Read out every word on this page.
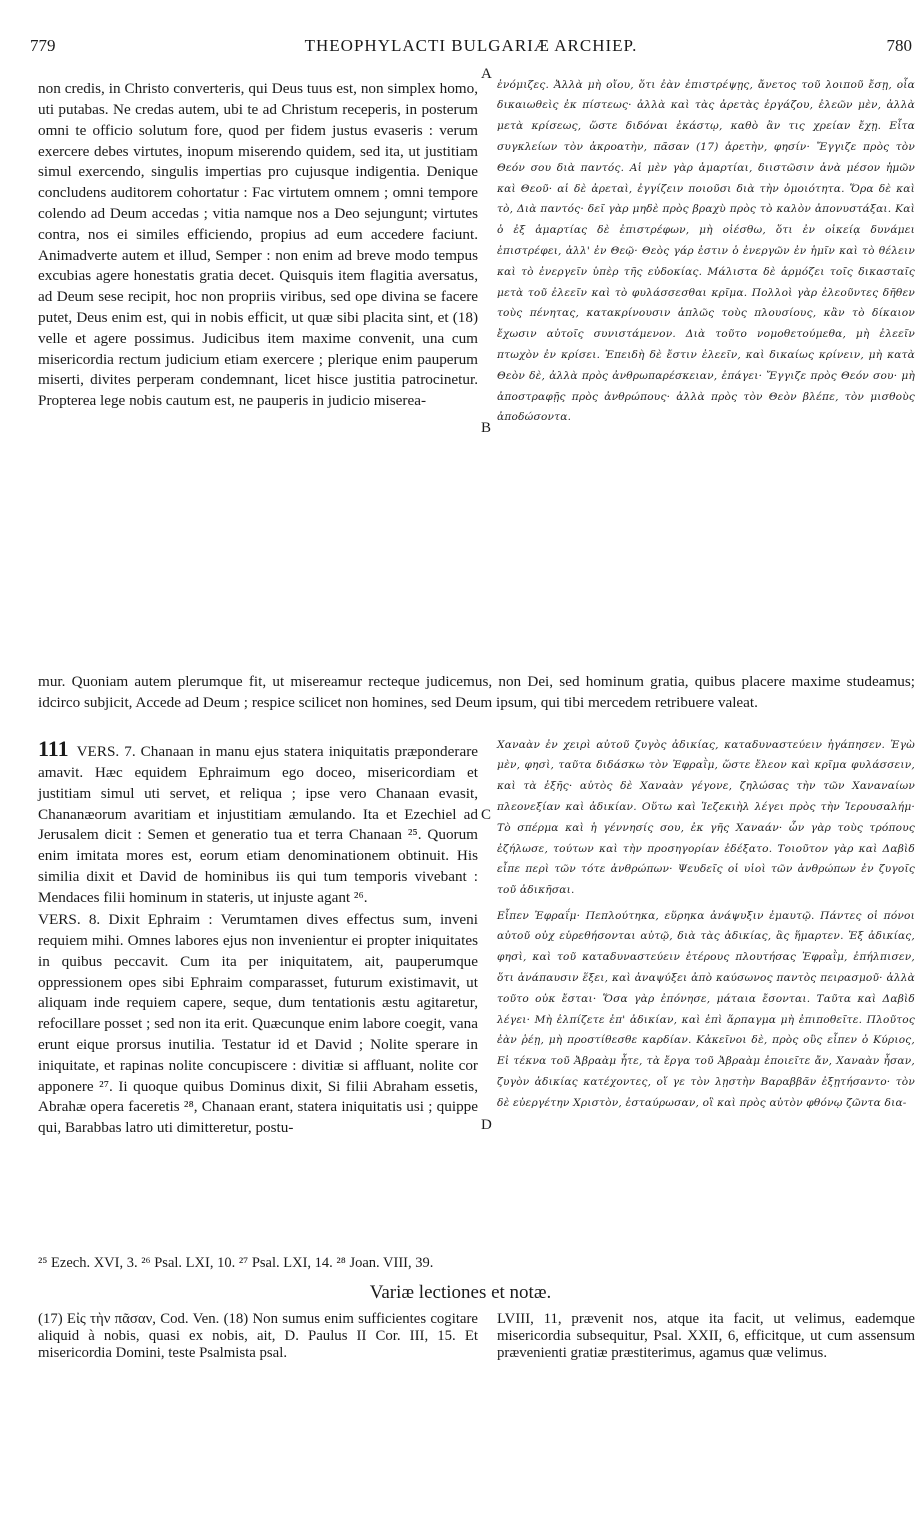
779	THEOPHYLACTI BULGARIÆ ARCHIEP.	780

non credis, in Christo converteris, qui Deus tuus est, non simplex homo, uti putabas. Ne credas autem, ubi te ad Christum receperis, in posterum omni te officio solutum fore, quod per fidem justus evaseris : verum exercere debes virtutes, inopum miserendo quidem, sed ita, ut justitiam simul exercendo, singulis impertias pro cujusque indigentia. Denique concludens auditorem cohortatur : Fac virtutem omnem ; omni tempore colendo ad Deum accedas ; vitia namque nos a Deo sejungunt; virtutes contra, nos ei similes efficiendo, propius ad eum accedere faciunt. Animadverte autem et illud, Semper : non enim ad breve modo tempus excubias agere honestatis gratia decet. Quisquis item flagitia aversatus, ad Deum sese recipit, hoc non propriis viribus, sed ope divina se facere putet, Deus enim est, qui in nobis efficit, ut quæ sibi placita sint, et (18) velle et agere possimus. Judicibus item maxime convenit, una cum misericordia rectum judicium etiam exercere ; plerique enim pauperum miserti, divites perperam condemnant, licet hisce justitia patrocinetur. Propterea lege nobis cautum est, ne pauperis in judicio miserea-

A

ἐνόμιζες. Ἀλλὰ μὴ οἴου, ὅτι ἐὰν ἐπιστρέψῃς, ἄνετος τοῦ λοιποῦ ἔσῃ, οἷα δικαιωθεὶς ἐκ πίστεως· ἀλλὰ καὶ τὰς ἀρετὰς ἐργάζου, ἐλεῶν μὲν, ἀλλὰ μετὰ κρίσεως, ὥστε διδόναι ἑκάστῳ, καθὸ ἂν τις χρείαν ἔχῃ. Εἶτα συγκλείων τὸν ἀκροατὴν, πᾶσαν (17) ἀρετὴν, φησίν· Ἔγγιζε πρὸς τὸν Θεόν σου διὰ παντός. Αἱ μὲν γὰρ ἁμαρτίαι, διιστῶσιν ἀνὰ μέσον ἡμῶν καὶ Θεοῦ· αἱ δὲ ἀρεταὶ, ἐγγίζειν ποιοῦσι διὰ τὴν ὁμοιότητα. Ὅρα δὲ καὶ τὸ, Διὰ παντός· δεῖ γὰρ μηδὲ πρὸς βραχὺ πρὸς τὸ καλὸν ἀπονυστάξαι. Καὶ ὁ ἐξ ἁμαρτίας δὲ ἐπιστρέφων, μὴ οἰέσθω, ὅτι ἐν οἰκείᾳ δυνάμει ἐπιστρέφει, ἀλλ' ἐν Θεῷ· Θεὸς γάρ ἐστιν ὁ ἐνεργῶν ἐν ἡμῖν καὶ τὸ θέλειν καὶ τὸ ἐνεργεῖν ὑπὲρ τῆς εὐδοκίας. Μάλιστα δὲ ἁρμόζει τοῖς δικασταῖς μετὰ τοῦ ἐλεεῖν καὶ τὸ φυλάσσεσθαι κρῖμα. Πολλοὶ γὰρ ἐλεοῦντες δῆθεν τοὺς πένητας, κατακρίνουσιν ἁπλῶς τοὺς πλουσίους, κἂν τὸ δίκαιον ἔχωσιν αὐτοῖς συνιστάμενον. Διὰ τοῦτο νομοθετούμεθα, μὴ ἐλεεῖν πτωχὸν ἐν κρίσει. Ἐπειδὴ δὲ ἔστιν ἐλεεῖν, καὶ δικαίως κρίνειν, μὴ κατὰ Θεὸν δὲ, ἀλλὰ πρὸς ἀνθρωπαρέσκειαν, ἐπάγει· Ἔγγιζε πρὸς Θεόν σου· μὴ ἀποστραφῇς πρὸς ἀνθρώπους· ἀλλὰ πρὸς τὸν Θεὸν βλέπε, τὸν μισθοὺς ἀποδώσοντα.

B

mur. Quoniam autem plerumque fit, ut misereamur recteque judicemus, non Dei, sed hominum gratia, quibus placere maxime studeamus; idcirco subjicit, Accede ad Deum ; respice scilicet non homines, sed Deum ipsum, qui tibi mercedem retribuere valeat.

111 VERS. 7. Chanaan in manu ejus statera iniquitatis præponderare amavit. Hæc equidem Ephraimum ego doceo, misericordiam et justitiam simul uti servet, et reliqua ; ipse vero Chanaan evasit, Chananæorum avaritiam et injustitiam æmulando. Ita et Ezechiel ad Jerusalem dicit : Semen et generatio tua et terra Chanaan ²⁵. Quorum enim imitata mores est, eorum etiam denominationem obtinuit. His similia dixit et David de hominibus iis qui tum temporis vivebant : Mendaces filii hominum in stateris, ut injuste agant ²⁶.

Χαναὰν ἐν χειρὶ αὐτοῦ ζυγὸς ἀδικίας, καταδυναστεύειν ἠγάπησεν. Ἐγὼ μὲν, φησὶ, ταῦτα διδάσκω τὸν Ἐφραῒμ, ὥστε ἔλεον καὶ κρῖμα φυλάσσειν, καὶ τὰ ἑξῆς· αὐτὸς δὲ Χαναὰν γέγονε, ζηλώσας τὴν τῶν Χαναναίων πλεονεξίαν καὶ ἀδικίαν. Οὕτω καὶ Ἰεζεκιὴλ λέγει πρὸς τὴν Ἱερουσαλήμ· Τὸ σπέρμα καὶ ἡ γέννησίς σου, ἐκ γῆς Χαναάν· ὧν γὰρ τοὺς τρόπους ἐζήλωσε, τούτων καὶ τὴν προσηγορίαν ἐδέξατο. Τοιοῦτον γὰρ καὶ Δαβὶδ εἶπε περὶ τῶν τότε ἀνθρώπων· Ψευδεῖς οἱ υἱοὶ τῶν ἀνθρώπων ἐν ζυγοῖς τοῦ ἀδικῆσαι.

C

VERS. 8. Dixit Ephraim : Verumtamen dives effectus sum, inveni requiem mihi. Omnes labores ejus non invenientur ei propter iniquitates in quibus peccavit. Cum ita per iniquitatem, ait, pauperumque oppressionem opes sibi Ephraim comparasset, futurum existimavit, ut aliquam inde requiem capere, seque, dum tentationis æstu agitaretur, refocillare posset ; sed non ita erit. Quæcunque enim labore coegit, vana erunt eique prorsus inutilia. Testatur id et David ; Nolite sperare in iniquitate, et rapinas nolite concupiscere : divitiæ si affluant, nolite cor apponere ²⁷. Ii quoque quibus Dominus dixit, Si filii Abraham essetis, Abrahæ opera faceretis ²⁸, Chanaan erant, statera iniquitatis usi ; quippe qui, Barabbas latro uti dimitteretur, postu-

Εἶπεν Ἐφραΐμ· Πεπλούτηκα, εὕρηκα ἀνάψυξιν ἐμαυτῷ. Πάντες οἱ πόνοι αὐτοῦ οὐχ εὑρεθήσονται αὐτῷ, διὰ τὰς ἀδικίας, ἃς ἥμαρτεν. Ἐξ ἀδικίας, φησὶ, καὶ τοῦ καταδυναστεύειν ἑτέρους πλουτήσας Ἐφραῒμ, ἐπήλπισεν, ὅτι ἀνάπαυσιν ἕξει, καὶ ἀναψύξει ἀπὸ καύσωνος παντὸς πειρασμοῦ· ἀλλὰ τοῦτο οὐκ ἔσται· Ὅσα γὰρ ἐπόνησε, μάταια ἔσονται. Ταῦτα καὶ Δαβὶδ λέγει· Μὴ ἐλπίζετε ἐπ' ἀδικίαν, καὶ ἐπὶ ἅρπαγμα μὴ ἐπιποθεῖτε. Πλοῦτος ἐὰν ῥέῃ, μὴ προστίθεσθε καρδίαν. Κἀκεῖνοι δὲ, πρὸς οὓς εἶπεν ὁ Κύριος, Εἰ τέκνα τοῦ Ἀβραὰμ ἦτε, τὰ ἔργα τοῦ Ἀβραὰμ ἐποιεῖτε ἄν, Χαναὰν ἦσαν, ζυγὸν ἀδικίας κατέχοντες, οἵ γε τὸν λῃστὴν Βαραββᾶν ἐξῃτήσαντο· τὸν δὲ εὐεργέτην Χριστὸν, ἐσταύρωσαν, οἳ καὶ πρὸς αὐτὸν φθόνῳ ζῶντα δια-

D
²⁵ Ezech. XVI, 3. ²⁶ Psal. LXI, 10. ²⁷ Psal. LXI, 14. ²⁸ Joan. VIII, 39.
Variæ lectiones et notæ.
(17) Εἰς τὴν πᾶσαν, Cod. Ven. (18) Non sumus enim sufficientes cogitare aliquid à nobis, quasi ex nobis, ait, D. Paulus II Cor. III, 15. Et misericordia Domini, teste Psalmista psal.
LVIII, 11, prævenit nos, atque ita facit, ut velimus, eademque misericordia subsequitur, Psal. XXII, 6, efficitque, ut cum assensum prævenienti gratiæ præstiterimus, agamus quæ velimus.
